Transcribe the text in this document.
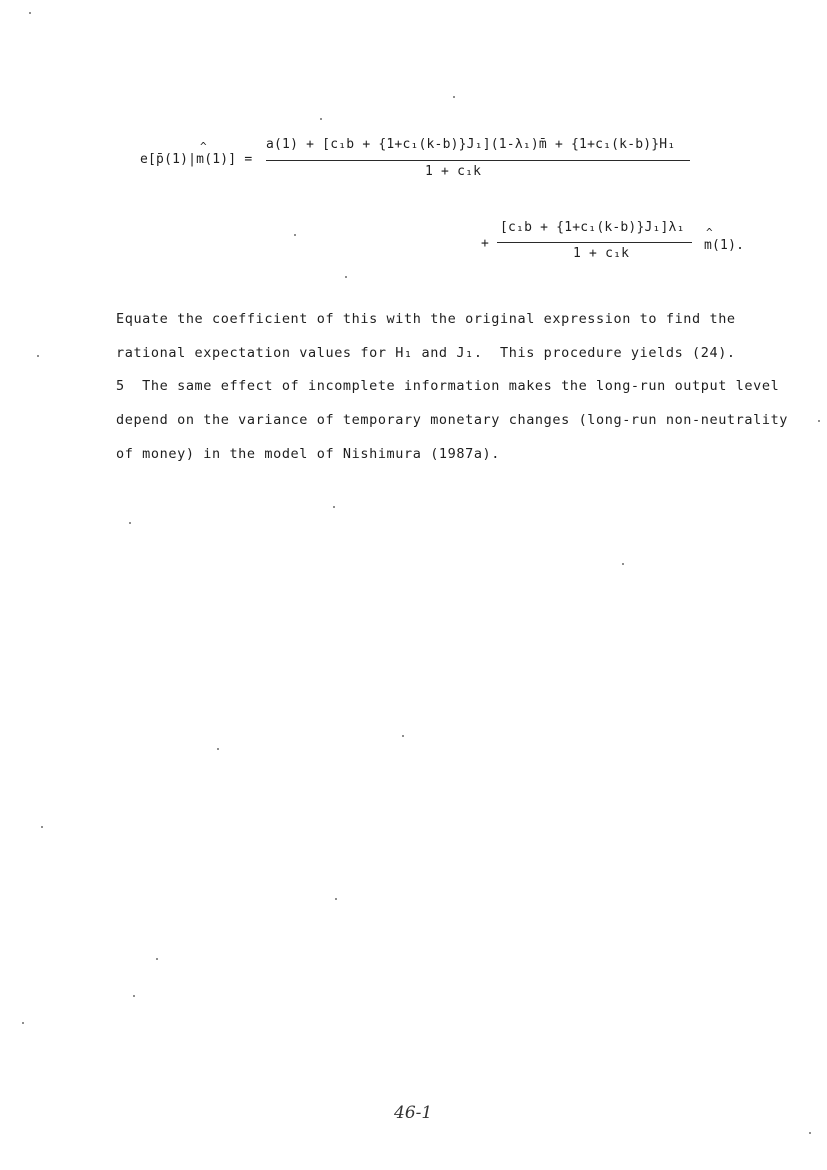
^
e[p̄(1)|m(1)] =
a(1) + [c₁b + {1+c₁(k-b)}J₁](1-λ₁)m̄ + {1+c₁(k-b)}H₁
1 + c₁k
+
[c₁b + {1+c₁(k-b)}J₁]λ₁
1 + c₁k
^
m(1).
Equate the coefficient of this with the original expression to find the
rational expectation values for H₁ and J₁.  This procedure yields (24).
5  The same effect of incomplete information makes the long-run output level
depend on the variance of temporary monetary changes (long-run non-neutrality
of money) in the model of Nishimura (1987a).
46-1
